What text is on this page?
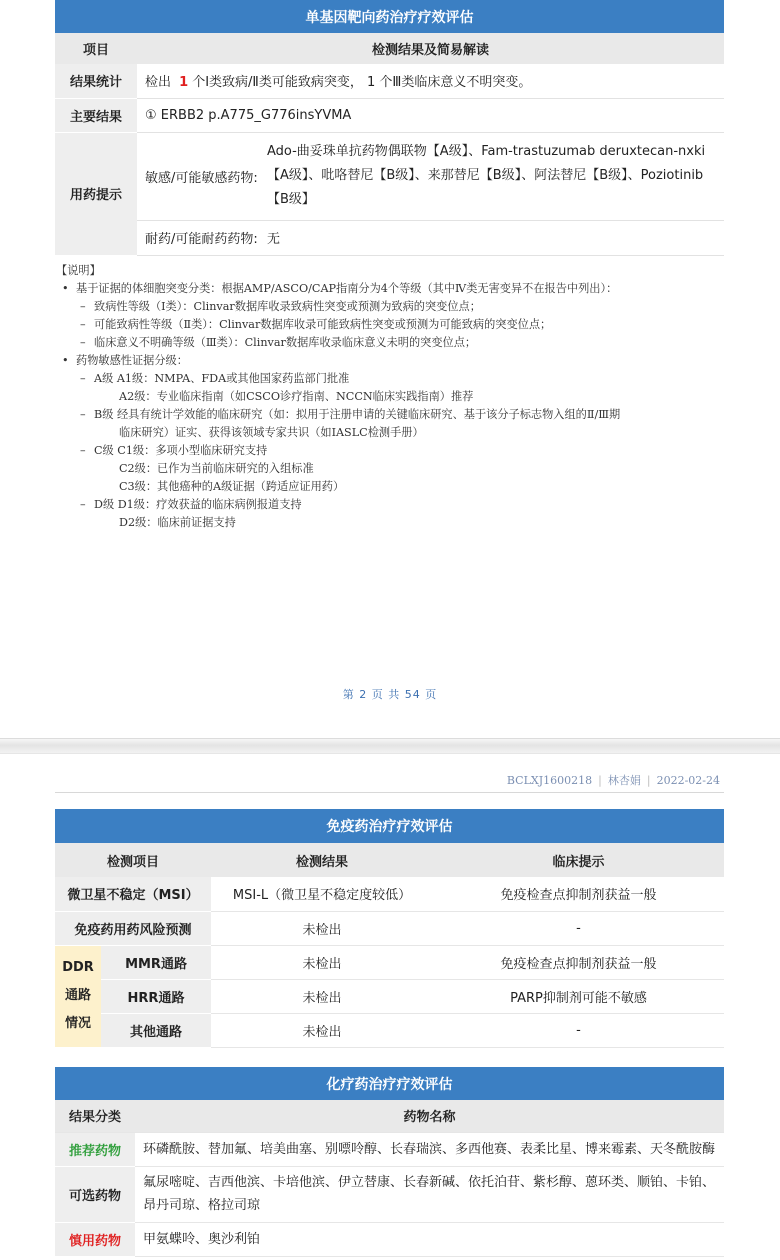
单基因靶向药治疗疗效评估
项目	检测结果及简易解读
结果统计	检出 1 个Ⅰ类致病/Ⅱ类可能致病突变， 1 个Ⅲ类临床意义不明突变。
主要结果	① ERBB2 p.A775_G776insYVMA
用药提示	
敏感/可能敏感药物:	Ado-曲妥珠单抗药物偶联物【A级】、Fam-trastuzumab deruxtecan-nxki【A级】、吡咯替尼【B级】、来那替尼【B级】、阿法替尼【B级】、Poziotinib【B级】
耐药/可能耐药药物:	无
【说明】
• 基于证据的体细胞突变分类：根据AMP/ASCO/CAP指南分为4个等级（其中Ⅳ类无害变异不在报告中列出）：
– 致病性等级（Ⅰ类）：Clinvar数据库收录致病性突变或预测为致病的突变位点；
– 可能致病性等级（Ⅱ类）：Clinvar数据库收录可能致病性突变或预测为可能致病的突变位点；
– 临床意义不明确等级（Ⅲ类）：Clinvar数据库收录临床意义未明的突变位点；
• 药物敏感性证据分级：
– A级 A1级：NMPA、FDA或其他国家药监部门批准
A2级：专业临床指南（如CSCO诊疗指南、NCCN临床实践指南）推荐
– B级 经具有统计学效能的临床研究（如：拟用于注册申请的关键临床研究、基于该分子标志物入组的Ⅱ/Ⅲ期
临床研究）证实、获得该领域专家共识（如IASLC检测手册）
– C级 C1级：多项小型临床研究支持
C2级：已作为当前临床研究的入组标准
C3级：其他癌种的A级证据（跨适应证用药）
– D级 D1级：疗效获益的临床病例报道支持
D2级：临床前证据支持
第 2 页 共 54 页
BCLXJ1600218 | 林杏娟 | 2022-02-24
免疫药治疗疗效评估
检测项目		检测结果	临床提示
微卫星不稳定（MSI）		MSI-L（微卫星不稳定度较低）	免疫检查点抑制剂获益一般
免疫药用药风险预测		未检出	-

DDR
通路
情况	MMR通路	未检出	免疫检查点抑制剂获益一般
	HRR通路	未检出	PARP抑制剂可能不敏感
	其他通路	未检出	-
化疗药治疗疗效评估
结果分类	药物名称
推荐药物	环磷酰胺、替加氟、培美曲塞、别嘌呤醇、长春瑞滨、多西他赛、表柔比星、博来霉素、天冬酰胺酶
可选药物	氟尿嘧啶、吉西他滨、卡培他滨、伊立替康、长春新碱、依托泊苷、紫杉醇、蒽环类、顺铂、卡铂、昂丹司琼、格拉司琼
慎用药物	甲氨蝶呤、奥沙利铂
